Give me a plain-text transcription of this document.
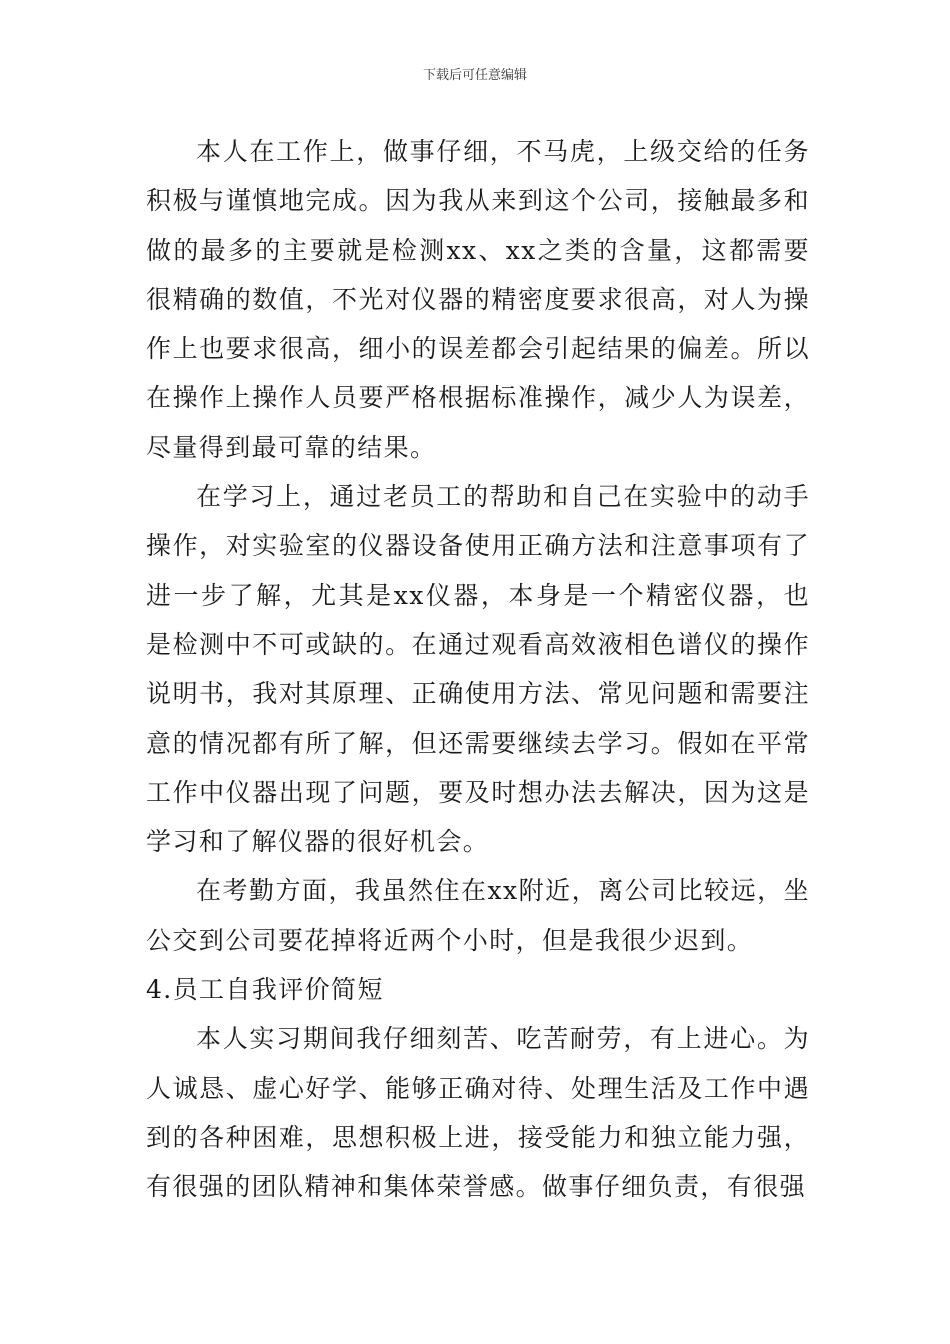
下载后可任意编辑

本人在工作上，做事仔细，不马虎，上级交给的任务积极与谨慎地完成。因为我从来到这个公司，接触最多和做的最多的主要就是检测xx、xx之类的含量，这都需要很精确的数值，不光对仪器的精密度要求很高，对人为操作上也要求很高，细小的误差都会引起结果的偏差。所以在操作上操作人员要严格根据标准操作，减少人为误差，尽量得到最可靠的结果。

在学习上，通过老员工的帮助和自己在实验中的动手操作，对实验室的仪器设备使用正确方法和注意事项有了进一步了解，尤其是xx仪器，本身是一个精密仪器，也是检测中不可或缺的。在通过观看高效液相色谱仪的操作说明书，我对其原理、正确使用方法、常见问题和需要注意的情况都有所了解，但还需要继续去学习。假如在平常工作中仪器出现了问题，要及时想办法去解决，因为这是学习和了解仪器的很好机会。

在考勤方面，我虽然住在xx附近，离公司比较远，坐公交到公司要花掉将近两个小时，但是我很少迟到。

4.员工自我评价简短

本人实习期间我仔细刻苦、吃苦耐劳，有上进心。为人诚恳、虚心好学、能够正确对待、处理生活及工作中遇到的各种困难，思想积极上进，接受能力和独立能力强，有很强的团队精神和集体荣誉感。做事仔细负责，有很强
